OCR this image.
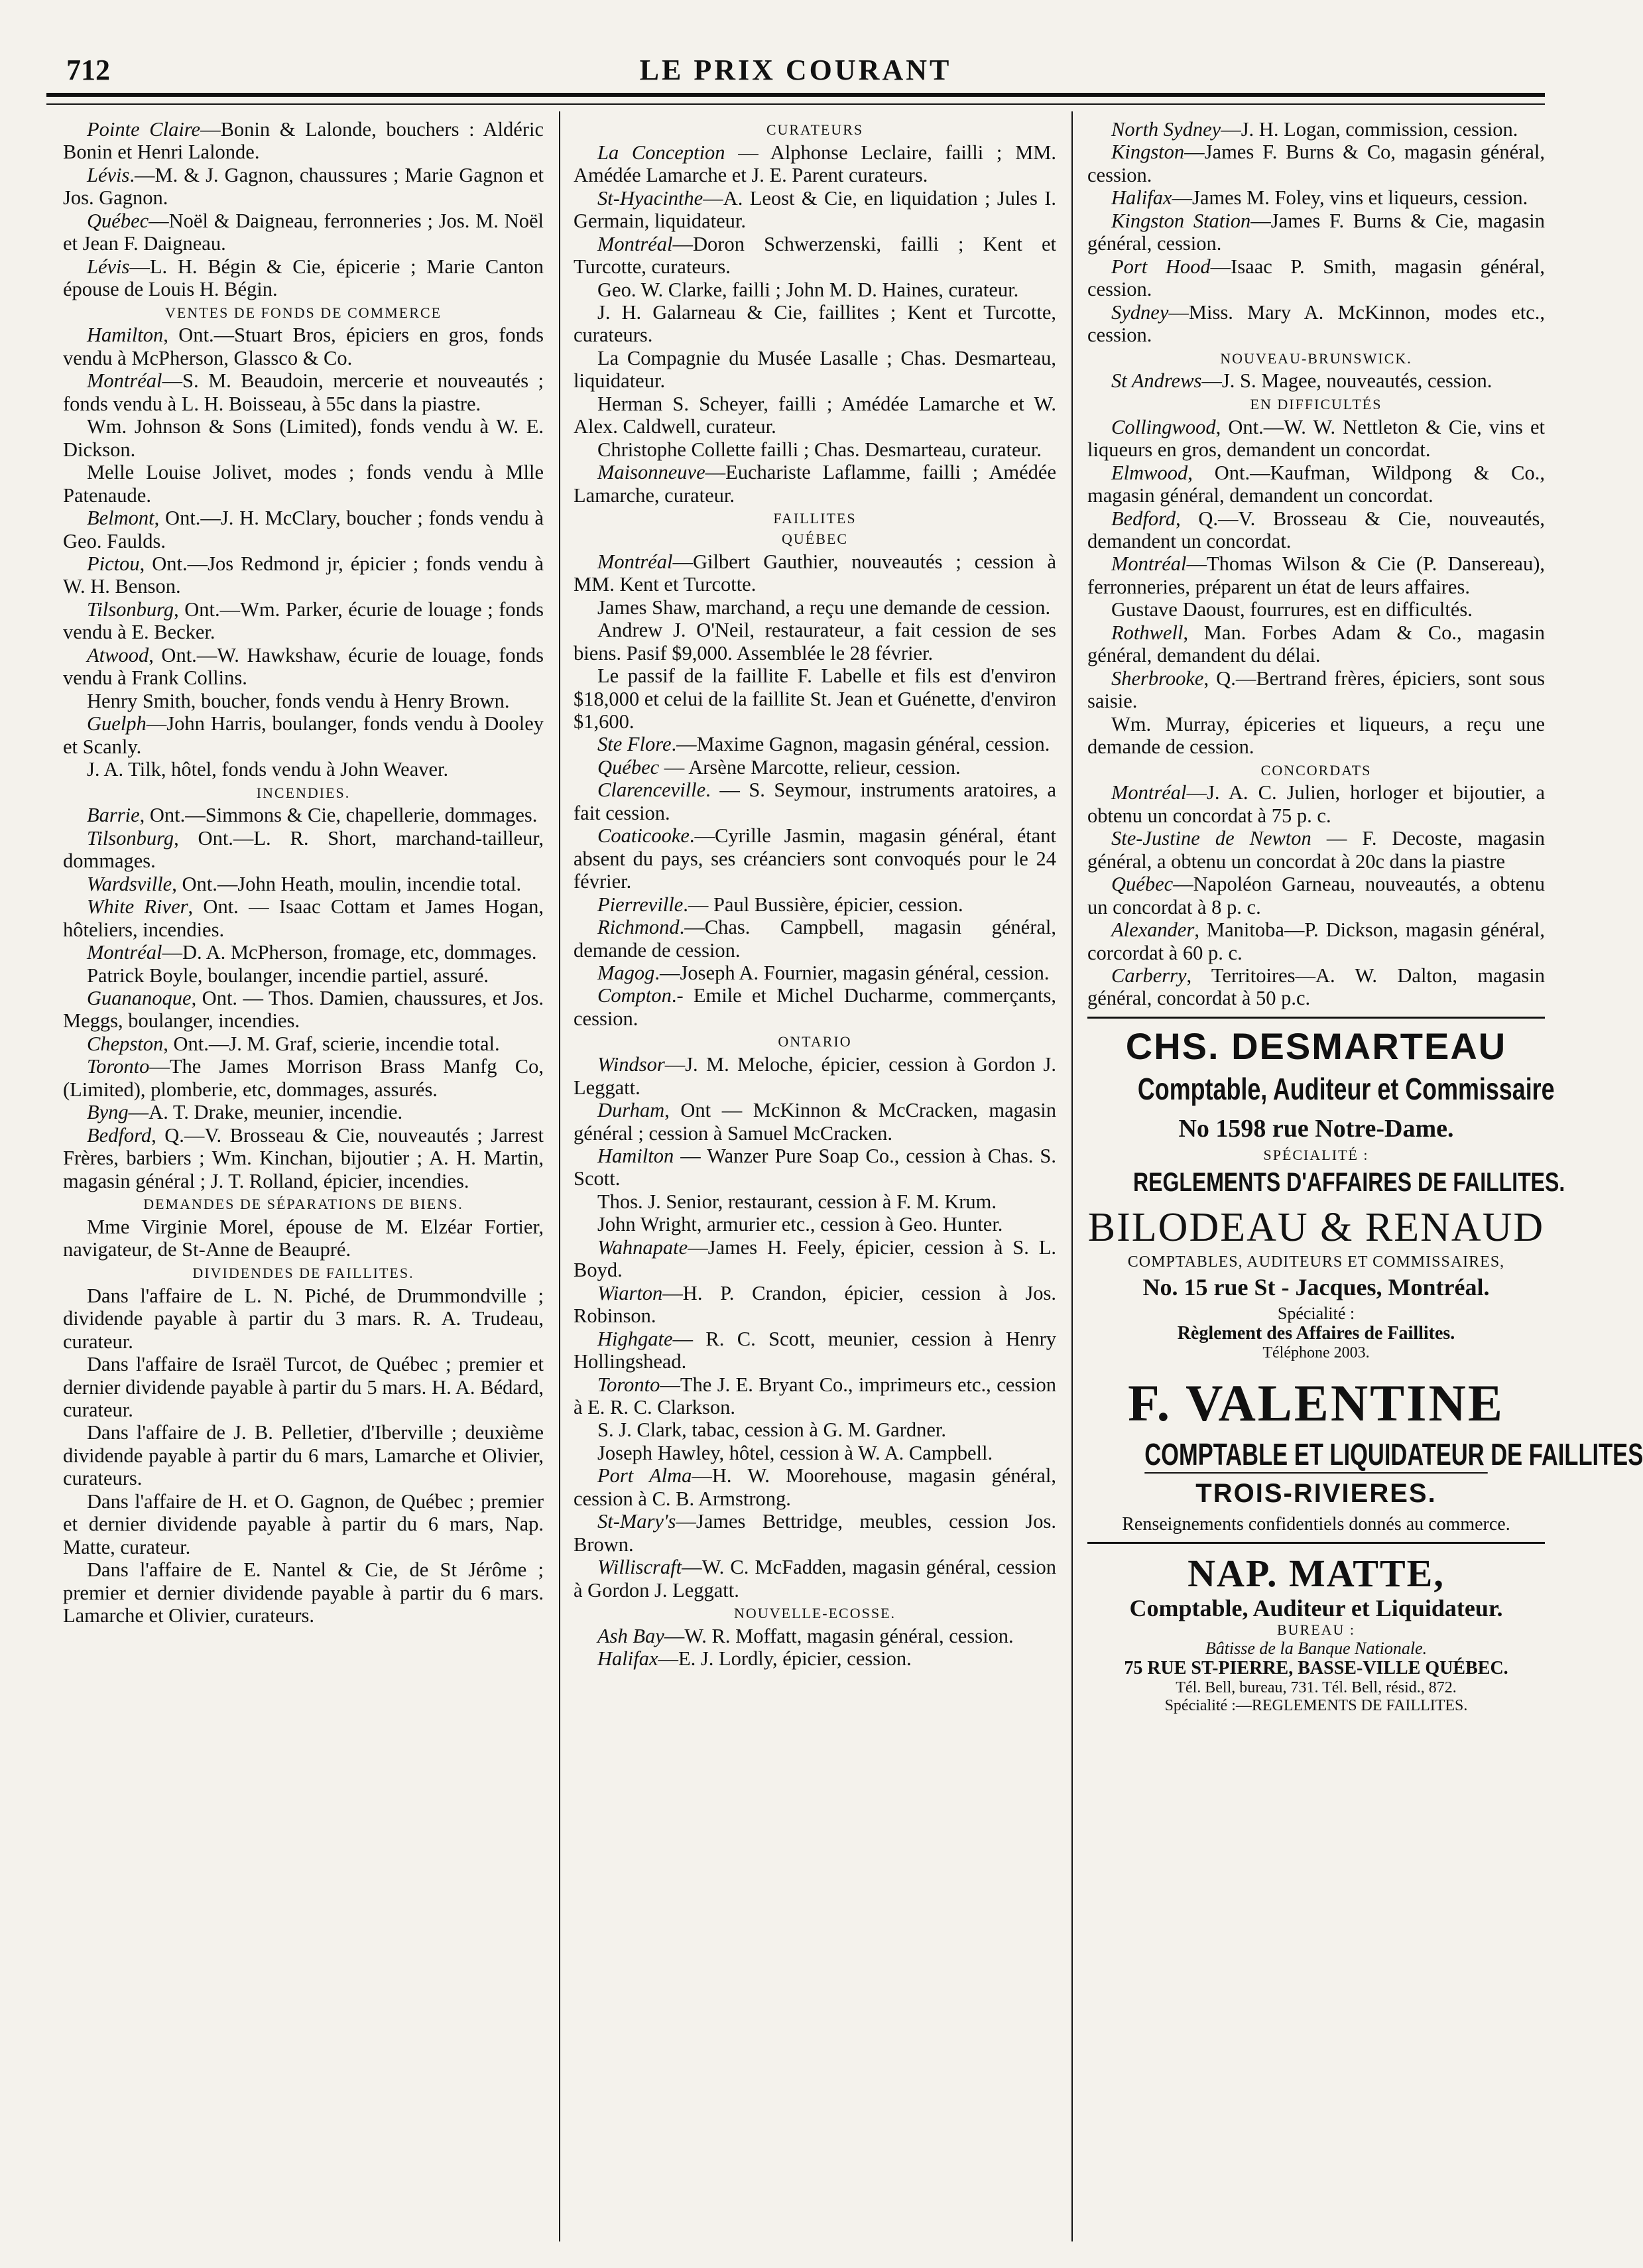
712	LE PRIX COURANT

Pointe Claire—Bonin & Lalonde, bouchers : Aldéric Bonin et Henri Lalonde.

Lévis.—M. & J. Gagnon, chaussures ; Marie Gagnon et Jos. Gagnon.

Québec—Noël & Daigneau, ferronneries ; Jos. M. Noël et Jean F. Daigneau.

Lévis—L. H. Bégin & Cie, épicerie ; Marie Canton épouse de Louis H. Bégin.

VENTES DE FONDS DE COMMERCE

Hamilton, Ont.—Stuart Bros, épiciers en gros, fonds vendu à McPherson, Glassco & Co.

Montréal—S. M. Beaudoin, mercerie et nouveautés ; fonds vendu à L. H. Boisseau, à 55c dans la piastre.

Wm. Johnson & Sons (Limited), fonds vendu à W. E. Dickson.

Melle Louise Jolivet, modes ; fonds vendu à Mlle Patenaude.

Belmont, Ont.—J. H. McClary, boucher ; fonds vendu à Geo. Faulds.

Pictou, Ont.—Jos Redmond jr, épicier ; fonds vendu à W. H. Benson.

Tilsonburg, Ont.—Wm. Parker, écurie de louage ; fonds vendu à E. Becker.

Atwood, Ont.—W. Hawkshaw, écurie de louage, fonds vendu à Frank Collins.

Henry Smith, boucher, fonds vendu à Henry Brown.

Guelph—John Harris, boulanger, fonds vendu à Dooley et Scanly.

J. A. Tilk, hôtel, fonds vendu à John Weaver.

INCENDIES.

Barrie, Ont.—Simmons & Cie, chapellerie, dommages.

Tilsonburg, Ont.—L. R. Short, marchand-tailleur, dommages.

Wardsville, Ont.—John Heath, moulin, incendie total.

White River, Ont. — Isaac Cottam et James Hogan, hôteliers, incendies.

Montréal—D. A. McPherson, fromage, etc, dommages.

Patrick Boyle, boulanger, incendie partiel, assuré.

Guananoque, Ont. — Thos. Damien, chaussures, et Jos. Meggs, boulanger, incendies.

Chepston, Ont.—J. M. Graf, scierie, incendie total.

Toronto—The James Morrison Brass Manfg Co, (Limited), plomberie, etc, dommages, assurés.

Byng—A. T. Drake, meunier, incendie.

Bedford, Q.—V. Brosseau & Cie, nouveautés ; Jarrest Frères, barbiers ; Wm. Kinchan, bijoutier ; A. H. Martin, magasin général ; J. T. Rolland, épicier, incendies.

DEMANDES DE SÉPARATIONS DE BIENS.

Mme Virginie Morel, épouse de M. Elzéar Fortier, navigateur, de St-Anne de Beaupré.

DIVIDENDES DE FAILLITES.

Dans l'affaire de L. N. Piché, de Drummondville ; dividende payable à partir du 3 mars. R. A. Trudeau, curateur.

Dans l'affaire de Israël Turcot, de Québec ; premier et dernier dividende payable à partir du 5 mars. H. A. Bédard, curateur.

Dans l'affaire de J. B. Pelletier, d'Iberville ; deuxième dividende payable à partir du 6 mars, Lamarche et Olivier, curateurs.

Dans l'affaire de H. et O. Gagnon, de Québec ; premier et dernier dividende payable à partir du 6 mars, Nap. Matte, curateur.

Dans l'affaire de E. Nantel & Cie, de St Jérôme ; premier et dernier dividende payable à partir du 6 mars. Lamarche et Olivier, curateurs.

CURATEURS

La Conception — Alphonse Leclaire, failli ; MM. Amédée Lamarche et J. E. Parent curateurs.

St-Hyacinthe—A. Leost & Cie, en liquidation ; Jules I. Germain, liquidateur.

Montréal—Doron Schwerzenski, failli ; Kent et Turcotte, curateurs.

Geo. W. Clarke, failli ; John M. D. Haines, curateur.

J. H. Galarneau & Cie, faillites ; Kent et Turcotte, curateurs.

La Compagnie du Musée Lasalle ; Chas. Desmarteau, liquidateur.

Herman S. Scheyer, failli ; Amédée Lamarche et W. Alex. Caldwell, curateur.

Christophe Collette failli ; Chas. Desmarteau, curateur.

Maisonneuve—Euchariste Laflamme, failli ; Amédée Lamarche, curateur.

FAILLITES
QUÉBEC

Montréal—Gilbert Gauthier, nouveautés ; cession à MM. Kent et Turcotte.

James Shaw, marchand, a reçu une demande de cession.

Andrew J. O'Neil, restaurateur, a fait cession de ses biens. Pasif $9,000. Assemblée le 28 février.

Le passif de la faillite F. Labelle et fils est d'environ $18,000 et celui de la faillite St. Jean et Guénette, d'environ $1,600.

Ste Flore.—Maxime Gagnon, magasin général, cession.

Québec — Arsène Marcotte, relieur, cession.

Clarenceville. — S. Seymour, instruments aratoires, a fait cession.

Coaticooke.—Cyrille Jasmin, magasin général, étant absent du pays, ses créanciers sont convoqués pour le 24 février.

Pierreville.— Paul Bussière, épicier, cession.

Richmond.—Chas. Campbell, magasin général, demande de cession.

Magog.—Joseph A. Fournier, magasin général, cession.

Compton.- Emile et Michel Ducharme, commerçants, cession.

ONTARIO

Windsor—J. M. Meloche, épicier, cession à Gordon J. Leggatt.

Durham, Ont — McKinnon & McCracken, magasin général ; cession à Samuel McCracken.

Hamilton — Wanzer Pure Soap Co., cession à Chas. S. Scott.

Thos. J. Senior, restaurant, cession à F. M. Krum.

John Wright, armurier etc., cession à Geo. Hunter.

Wahnapate—James H. Feely, épicier, cession à S. L. Boyd.

Wiarton—H. P. Crandon, épicier, cession à Jos. Robinson.

Highgate— R. C. Scott, meunier, cession à Henry Hollingshead.

Toronto—The J. E. Bryant Co., imprimeurs etc., cession à E. R. C. Clarkson.

S. J. Clark, tabac, cession à G. M. Gardner.

Joseph Hawley, hôtel, cession à W. A. Campbell.

Port Alma—H. W. Moorehouse, magasin général, cession à C. B. Armstrong.

St-Mary's—James Bettridge, meubles, cession Jos. Brown.

Williscraft—W. C. McFadden, magasin général, cession à Gordon J. Leggatt.

NOUVELLE-ECOSSE.

Ash Bay—W. R. Moffatt, magasin général, cession.

Halifax—E. J. Lordly, épicier, cession.

North Sydney—J. H. Logan, commission, cession.

Kingston—James F. Burns & Co, magasin général, cession.

Halifax—James M. Foley, vins et liqueurs, cession.

Kingston Station—James F. Burns & Cie, magasin général, cession.

Port Hood—Isaac P. Smith, magasin général, cession.

Sydney—Miss. Mary A. McKinnon, modes etc., cession.

NOUVEAU-BRUNSWICK.

St Andrews—J. S. Magee, nouveautés, cession.

EN DIFFICULTÉS

Collingwood, Ont.—W. W. Nettleton & Cie, vins et liqueurs en gros, demandent un concordat.

Elmwood, Ont.—Kaufman, Wildpong & Co., magasin général, demandent un concordat.

Bedford, Q.—V. Brosseau & Cie, nouveautés, demandent un concordat.

Montréal—Thomas Wilson & Cie (P. Dansereau), ferronneries, préparent un état de leurs affaires.

Gustave Daoust, fourrures, est en difficultés.

Rothwell, Man. Forbes Adam & Co., magasin général, demandent du délai.

Sherbrooke, Q.—Bertrand frères, épiciers, sont sous saisie.

Wm. Murray, épiceries et liqueurs, a reçu une demande de cession.

CONCORDATS

Montréal—J. A. C. Julien, horloger et bijoutier, a obtenu un concordat à 75 p. c.

Ste-Justine de Newton — F. Decoste, magasin général, a obtenu un concordat à 20c dans la piastre

Québec—Napoléon Garneau, nouveautés, a obtenu un concordat à 8 p. c.

Alexander, Manitoba—P. Dickson, magasin général, corcordat à 60 p. c.

Carberry, Territoires—A. W. Dalton, magasin général, concordat à 50 p.c.

CHS. DESMARTEAU

Comptable, Auditeur et Commissaire

No 1598 rue Notre-Dame.

SPÉCIALITÉ :

REGLEMENTS D'AFFAIRES DE FAILLITES.

BILODEAU & RENAUD

COMPTABLES, AUDITEURS ET COMMISSAIRES,

No. 15 rue St - Jacques, Montréal.

Spécialité :

Règlement des Affaires de Faillites.

Téléphone 2003.

F. VALENTINE

COMPTABLE ET LIQUIDATEUR DE FAILLITES

TROIS-RIVIERES.

Renseignements confidentiels donnés au commerce.

NAP. MATTE,

Comptable, Auditeur et Liquidateur.

BUREAU :

Bâtisse de la Banque Nationale.

75 RUE ST-PIERRE, BASSE-VILLE QUÉBEC.

Tél. Bell, bureau, 731. Tél. Bell, résid., 872.

Spécialité :—REGLEMENTS DE FAILLITES.
